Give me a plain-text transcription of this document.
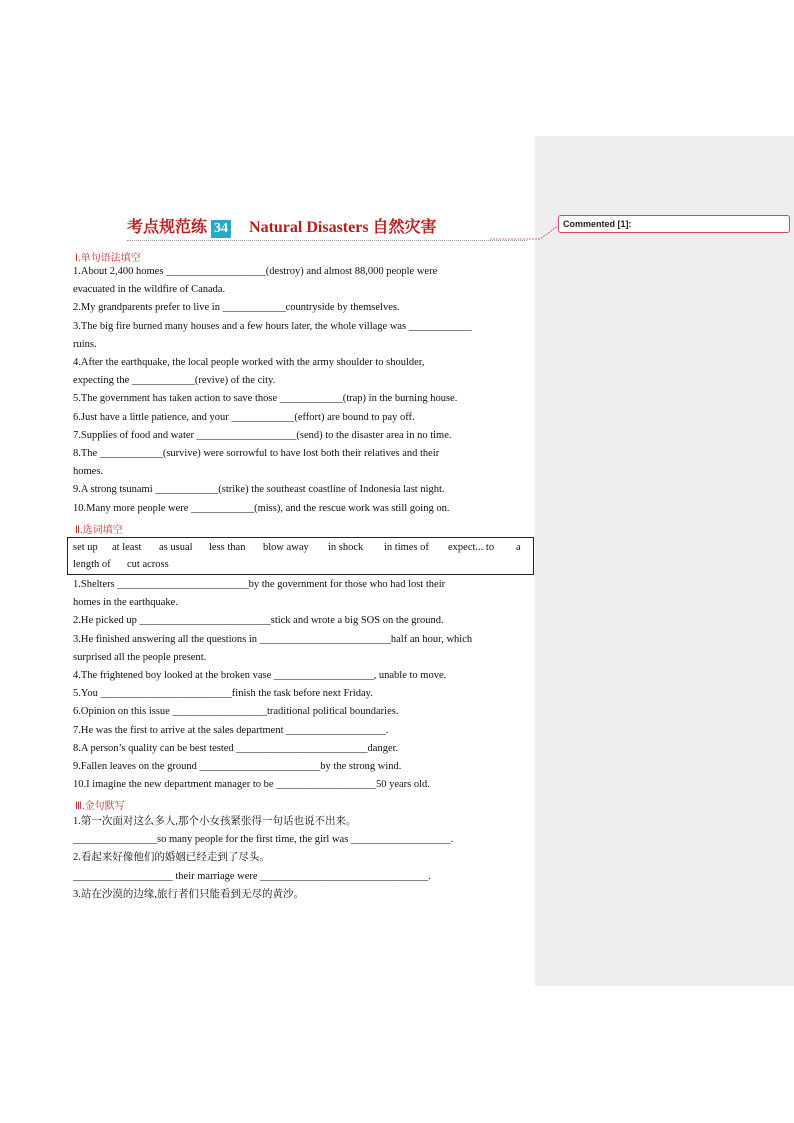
Commented [1]:
考点规范练 34 Natural Disasters 自然灾害
Ⅰ.单句语法填空
1.About 2,400 homes ___________________(destroy) and almost 88,000 people were
evacuated in the wildfire of Canada.
2.My grandparents prefer to live in ____________countryside by themselves.
3.The big fire burned many houses and a few hours later, the whole village was ____________
ruins.
4.After the earthquake, the local people worked with the army shoulder to shoulder,
expecting the ____________(revive) of the city.
5.The government has taken action to save those ____________(trap) in the burning house.
6.Just have a little patience, and your ____________(effort) are bound to pay off.
7.Supplies of food and water ___________________(send) to the disaster area in no time.
8.The ____________(survive) were sorrowful to have lost both their relatives and their
homes.
9.A strong tsunami ____________(strike) the southeast coastline of Indonesia last night.
10.Many more people were ____________(miss), and the rescue work was still going on.
Ⅱ.选词填空
set up at least as usual less than blow away in shock in times of expect... to a
length of cut across
1.Shelters _________________________by the government for those who had lost their
homes in the earthquake.
2.He picked up _________________________stick and wrote a big SOS on the ground.
3.He finished answering all the questions in _________________________half an hour, which
surprised all the people present.
4.The frightened boy looked at the broken vase ___________________, unable to move.
5.You _________________________finish the task before next Friday.
6.Opinion on this issue __________________traditional political boundaries.
7.He was the first to arrive at the sales department ___________________.
8.A person’s quality can be best tested _________________________danger.
9.Fallen leaves on the ground _______________________by the strong wind.
10.I imagine the new department manager to be ___________________50 years old.
Ⅲ.金句默写
1.第一次面对这么多人,那个小女孩紧张得一句话也说不出来。
________________so many people for the first time, the girl was ___________________.
2.看起来好像他们的婚姻已经走到了尽头。
___________________ their marriage were ________________________________.
3.站在沙漠的边缘,旅行者们只能看到无尽的黄沙。
